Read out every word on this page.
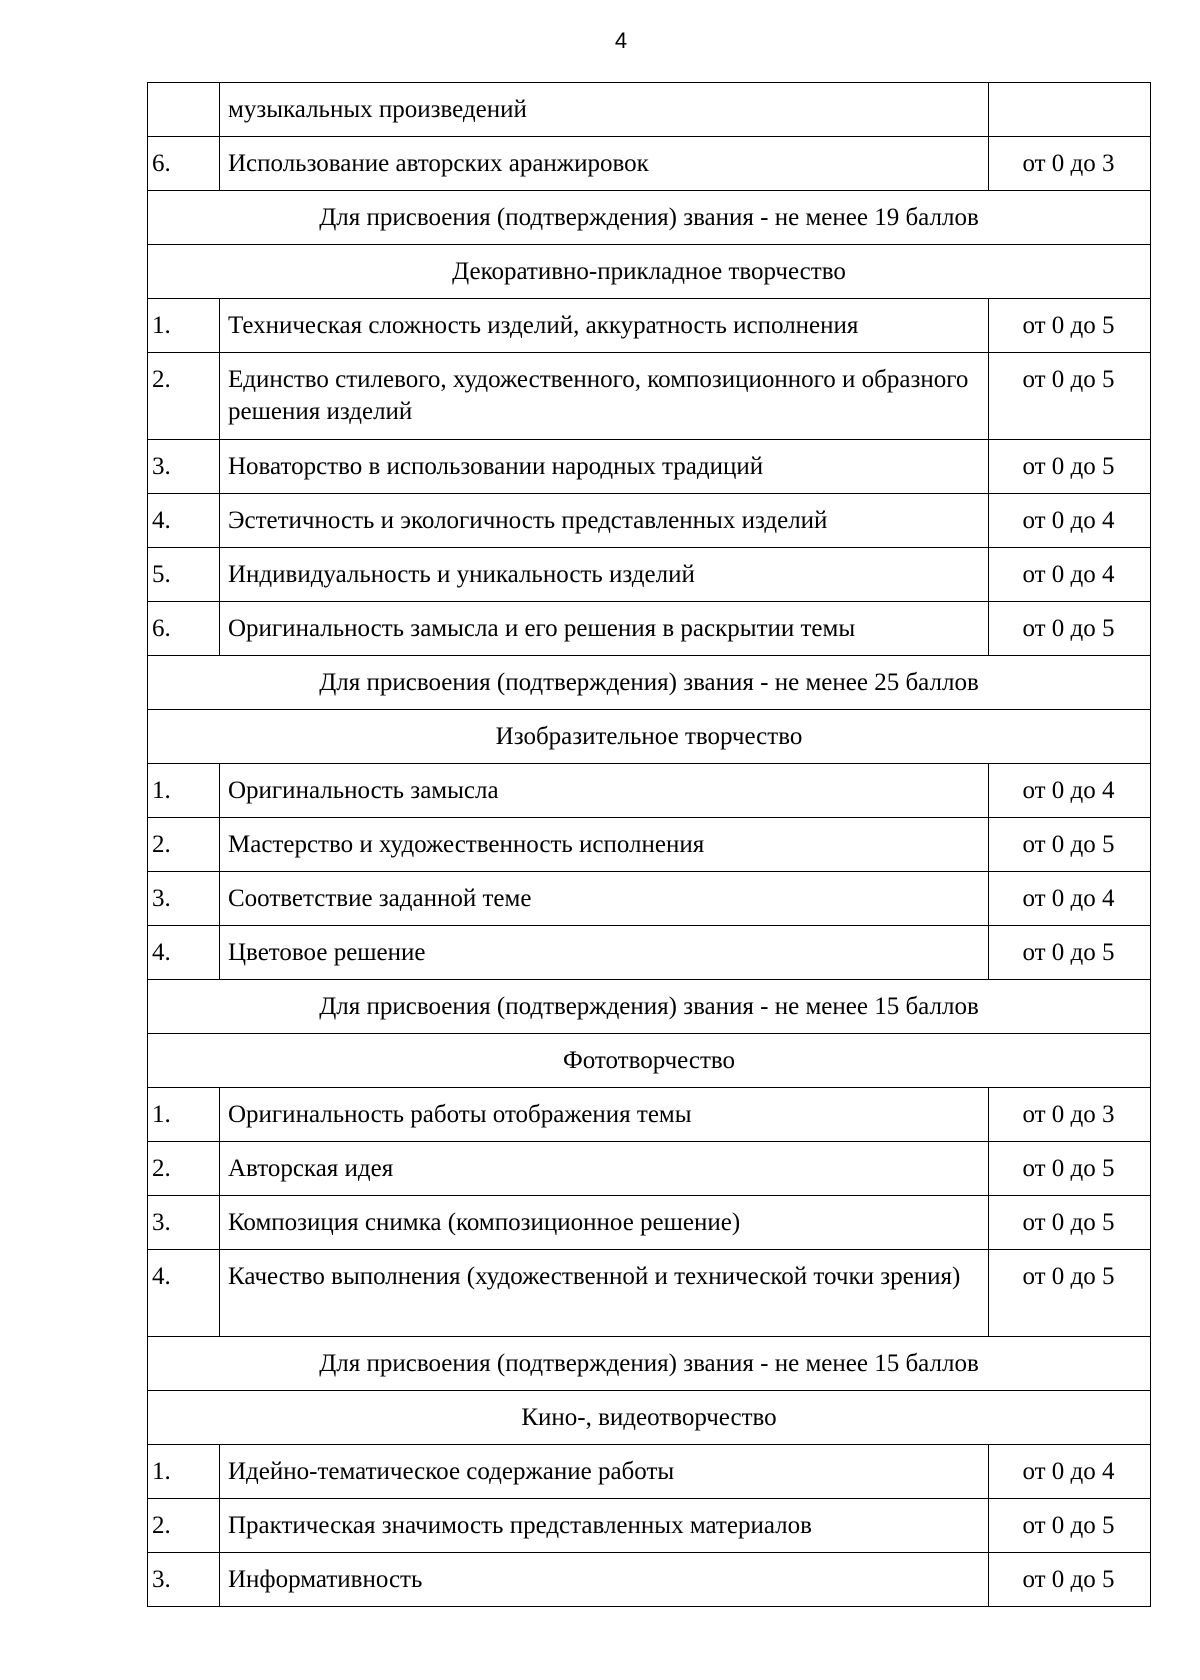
4
	музыкальных произведений	
6.	Использование авторских аранжировок	от 0 до 3
Для присвоения (подтверждения) звания - не менее 19 баллов		
Декоративно-прикладное творчество		
1.	Техническая сложность изделий, аккуратность исполнения	от 0 до 5
2.	Единство стилевого, художественного, композиционного и образного решения изделий	от 0 до 5
3.	Новаторство в использовании народных традиций	от 0 до 5
4.	Эстетичность и экологичность представленных изделий	от 0 до 4
5.	Индивидуальность и уникальность изделий	от 0 до 4
6.	Оригинальность замысла и его решения в раскрытии темы	от 0 до 5
Для присвоения (подтверждения) звания - не менее 25 баллов		
Изобразительное творчество		
1.	Оригинальность замысла	от 0 до 4
2.	Мастерство и художественность исполнения	от 0 до 5
3.	Соответствие заданной теме	от 0 до 4
4.	Цветовое решение	от 0 до 5
Для присвоения (подтверждения) звания - не менее 15 баллов		
Фототворчество		
1.	Оригинальность работы отображения темы	от 0 до 3
2.	Авторская идея	от 0 до 5
3.	Композиция снимка (композиционное решение)	от 0 до 5
4.	Качество выполнения (художественной и технической точки зрения)	от 0 до 5
Для присвоения (подтверждения) звания - не менее 15 баллов		
Кино-, видеотворчество		
1.	Идейно-тематическое содержание работы	от 0 до 4
2.	Практическая значимость представленных материалов	от 0 до 5
3.	Информативность	от 0 до 5
